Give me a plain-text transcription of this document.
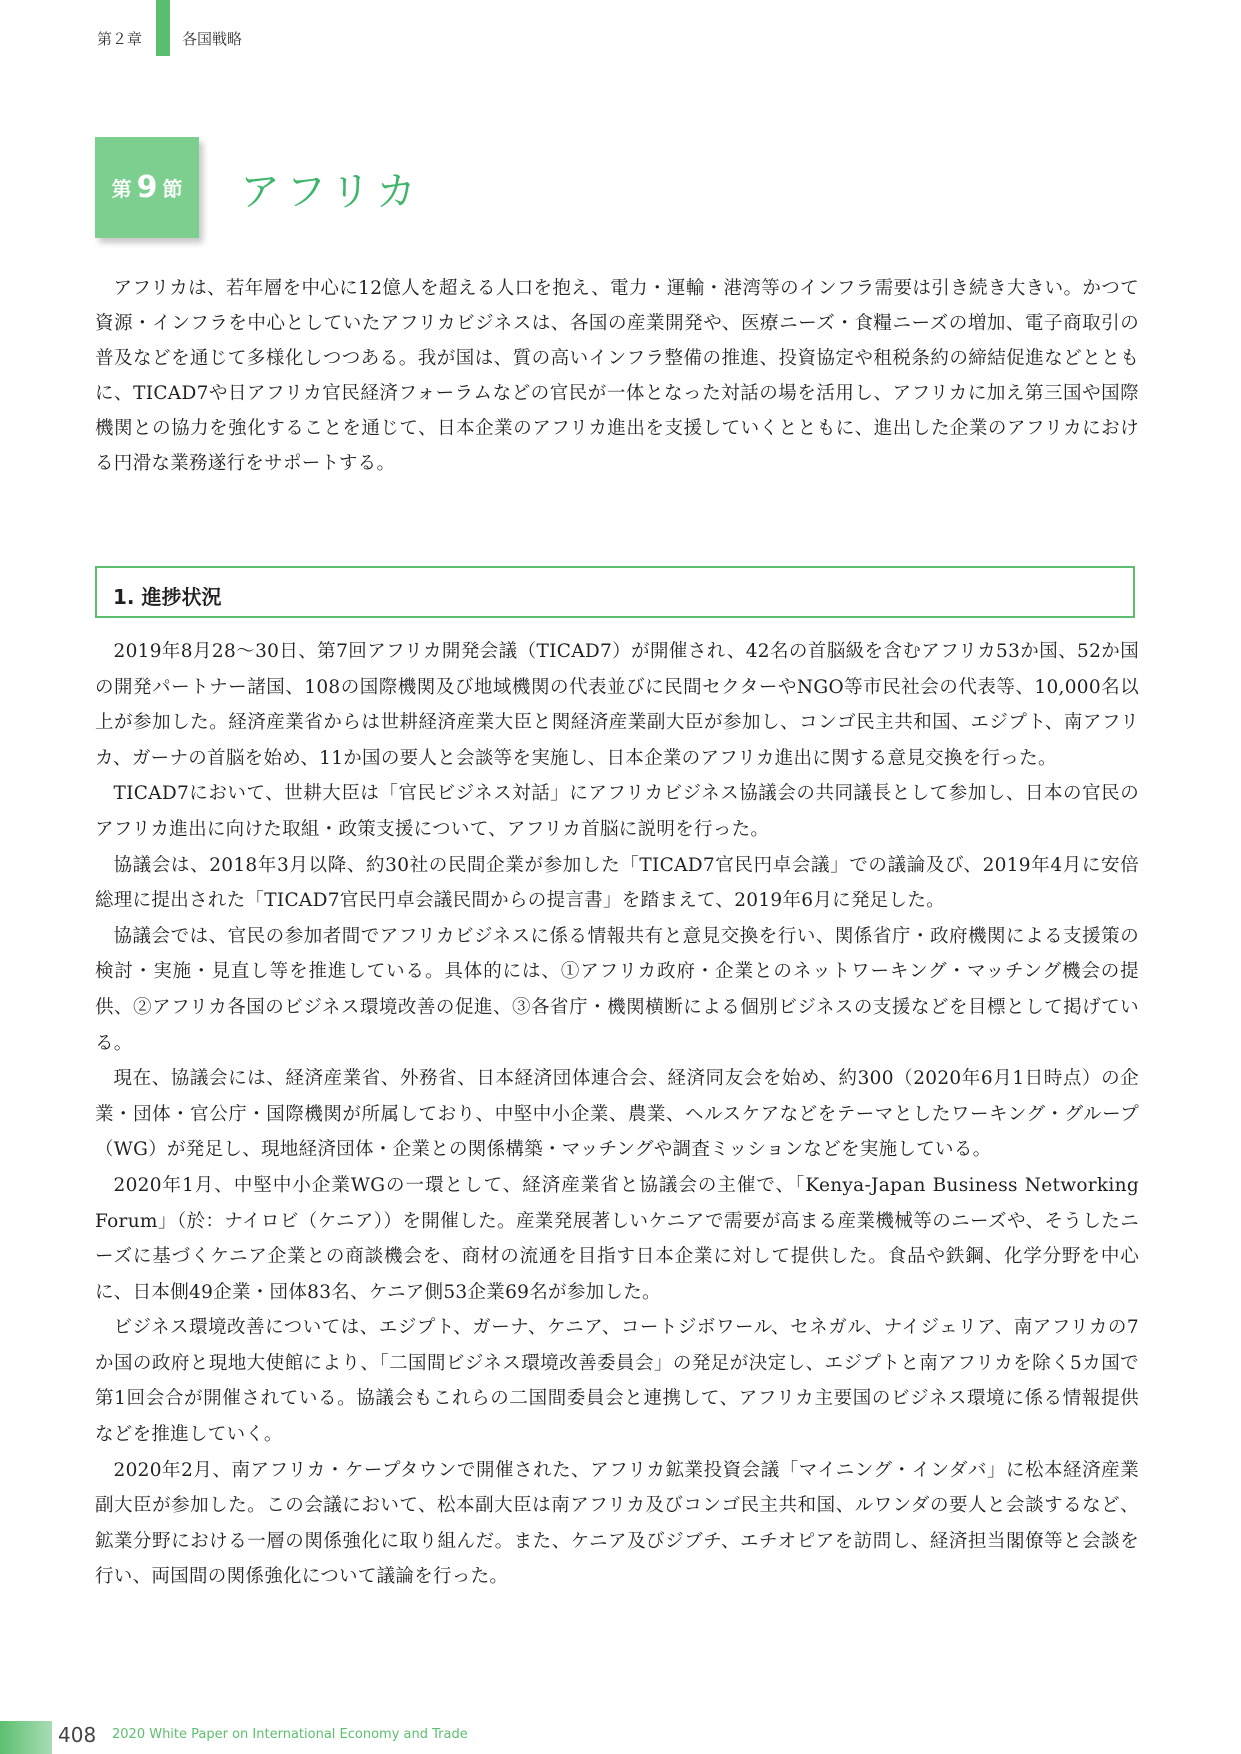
第２章	各国戦略
第 9 節 アフリカ

アフリカは、若年層を中心に12億人を超える人口を抱え、電力・運輸・港湾等のインフラ需要は引き続き大きい。かつて資源・インフラを中心としていたアフリカビジネスは、各国の産業開発や、医療ニーズ・食糧ニーズの増加、電子商取引の普及などを通じて多様化しつつある。我が国は、質の高いインフラ整備の推進、投資協定や租税条約の締結促進などとともに、TICAD7や日アフリカ官民経済フォーラムなどの官民が一体となった対話の場を活用し、アフリカに加え第三国や国際機関との協力を強化することを通じて、日本企業のアフリカ進出を支援していくとともに、進出した企業のアフリカにおける円滑な業務遂行をサポートする。

1. 進捗状況

2019年8月28〜30日、第7回アフリカ開発会議（TICAD7）が開催され、42名の首脳級を含むアフリカ53か国、52か国の開発パートナー諸国、108の国際機関及び地域機関の代表並びに民間セクターやNGO等市民社会の代表等、10,000名以上が参加した。経済産業省からは世耕経済産業大臣と関経済産業副大臣が参加し、コンゴ民主共和国、エジプト、南アフリカ、ガーナの首脳を始め、11か国の要人と会談等を実施し、日本企業のアフリカ進出に関する意見交換を行った。

TICAD7において、世耕大臣は「官民ビジネス対話」にアフリカビジネス協議会の共同議長として参加し、日本の官民のアフリカ進出に向けた取組・政策支援について、アフリカ首脳に説明を行った。

協議会は、2018年3月以降、約30社の民間企業が参加した「TICAD7官民円卓会議」での議論及び、2019年4月に安倍総理に提出された「TICAD7官民円卓会議民間からの提言書」を踏まえて、2019年6月に発足した。

協議会では、官民の参加者間でアフリカビジネスに係る情報共有と意見交換を行い、関係省庁・政府機関による支援策の検討・実施・見直し等を推進している。具体的には、①アフリカ政府・企業とのネットワーキング・マッチング機会の提供、②アフリカ各国のビジネス環境改善の促進、③各省庁・機関横断による個別ビジネスの支援などを目標として掲げている。

現在、協議会には、経済産業省、外務省、日本経済団体連合会、経済同友会を始め、約300（2020年6月1日時点）の企業・団体・官公庁・国際機関が所属しており、中堅中小企業、農業、ヘルスケアなどをテーマとしたワーキング・グループ（WG）が発足し、現地経済団体・企業との関係構築・マッチングや調査ミッションなどを実施している。

2020年1月、中堅中小企業WGの一環として、経済産業省と協議会の主催で、「Kenya-Japan Business Networking Forum」（於：ナイロビ（ケニア））を開催した。産業発展著しいケニアで需要が高まる産業機械等のニーズや、そうしたニーズに基づくケニア企業との商談機会を、商材の流通を目指す日本企業に対して提供した。食品や鉄鋼、化学分野を中心に、日本側49企業・団体83名、ケニア側53企業69名が参加した。

ビジネス環境改善については、エジプト、ガーナ、ケニア、コートジボワール、セネガル、ナイジェリア、南アフリカの7か国の政府と現地大使館により、「二国間ビジネス環境改善委員会」の発足が決定し、エジプトと南アフリカを除く5カ国で第1回会合が開催されている。協議会もこれらの二国間委員会と連携して、アフリカ主要国のビジネス環境に係る情報提供などを推進していく。

2020年2月、南アフリカ・ケープタウンで開催された、アフリカ鉱業投資会議「マイニング・インダバ」に松本経済産業副大臣が参加した。この会議において、松本副大臣は南アフリカ及びコンゴ民主共和国、ルワンダの要人と会談するなど、鉱業分野における一層の関係強化に取り組んだ。また、ケニア及びジブチ、エチオピアを訪問し、経済担当閣僚等と会談を行い、両国間の関係強化について議論を行った。

408 2020 White Paper on International Economy and Trade
